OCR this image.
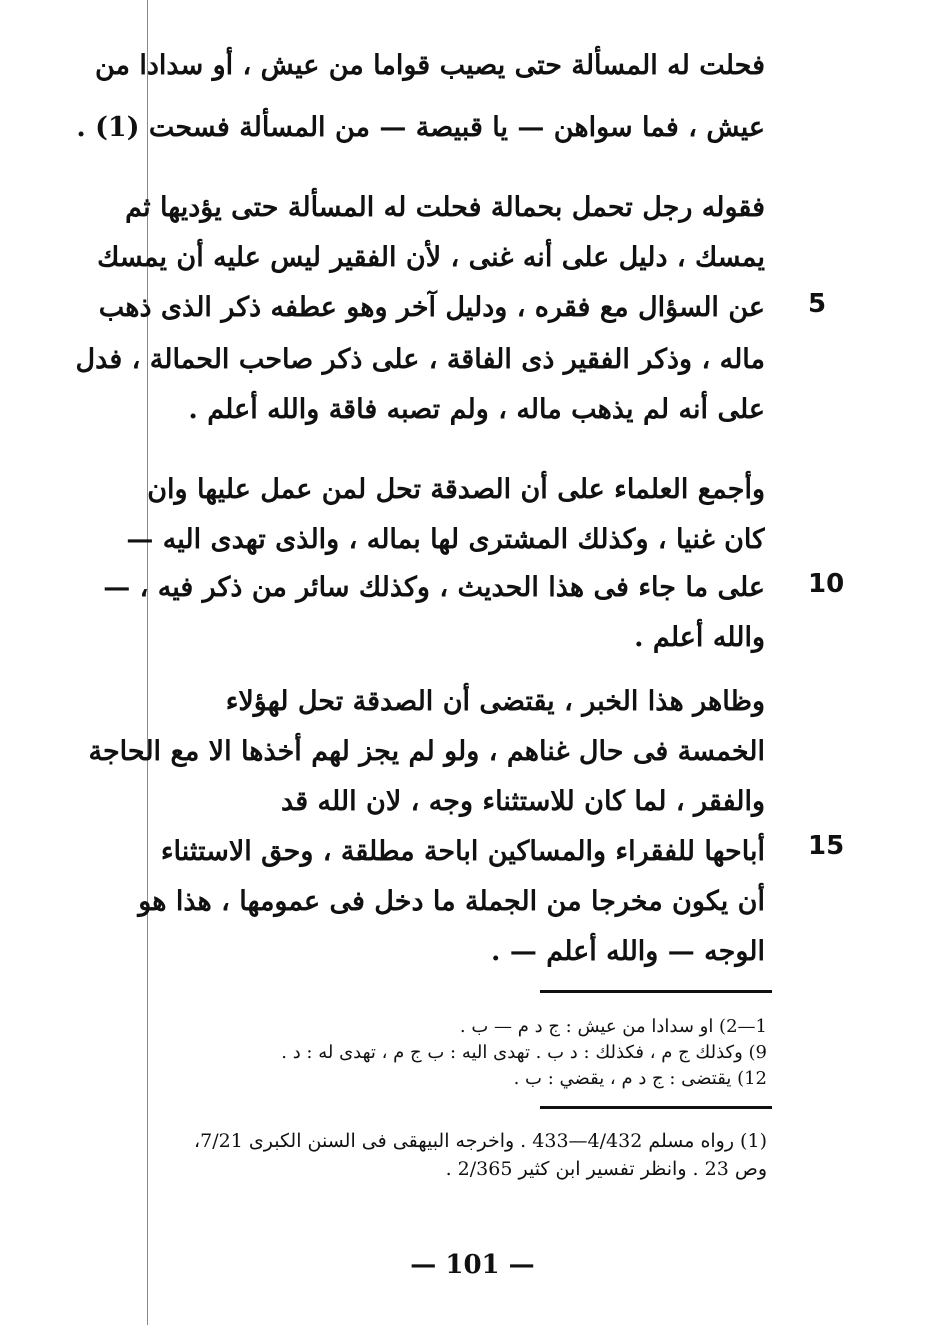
فحلت له المسألة حتى يصيب قواما من عيش ، أو سدادا من
عيش ، فما سواهن — يا قبيصة — من المسألة فسحت (1) .
فقوله رجل تحمل بحمالة فحلت له المسألة حتى يؤديها ثم
يمسك ، دليل على أنه غنى ، لأن الفقير ليس عليه أن يمسك
عن السؤال مع فقره ، ودليل آخر وهو عطفه ذكر الذى ذهب
ماله ، وذكر الفقير ذى الفاقة ، على ذكر صاحب الحمالة ، فدل
على أنه لم يذهب ماله ، ولم تصبه فاقة والله أعلم .
وأجمع العلماء على أن الصدقة تحل لمن عمل عليها وان
كان غنيا ، وكذلك المشترى لها بماله ، والذى تهدى اليه —
على ما جاء فى هذا الحديث ، وكذلك سائر من ذكر فيه ، —
والله أعلم .
وظاهر هذا الخبر ، يقتضى أن الصدقة تحل لهؤلاء
الخمسة فى حال غناهم ، ولو لم يجز لهم أخذها الا مع الحاجة
والفقر ، لما كان للاستثناء وجه ، لان الله قد
أباحها للفقراء والمساكين اباحة مطلقة ، وحق الاستثناء
أن يكون مخرجا من الجملة ما دخل فى عمومها ، هذا هو
الوجه — والله أعلم — .
5
10
15
1—2) او سدادا من عيش : ج د م — ب .
9) وكذلك ج م ، فكذلك : د ب . تهدى اليه : ب ج م ، تهدى له : د .
12) يقتضى : ج د م ، يقضي : ب .
(1) رواه مسلم 4/432—433 . واخرجه البيهقى فى السنن الكبرى 7/21،
وص 23 . وانظر تفسير ابن كثير 2/365 .
— 101 —
